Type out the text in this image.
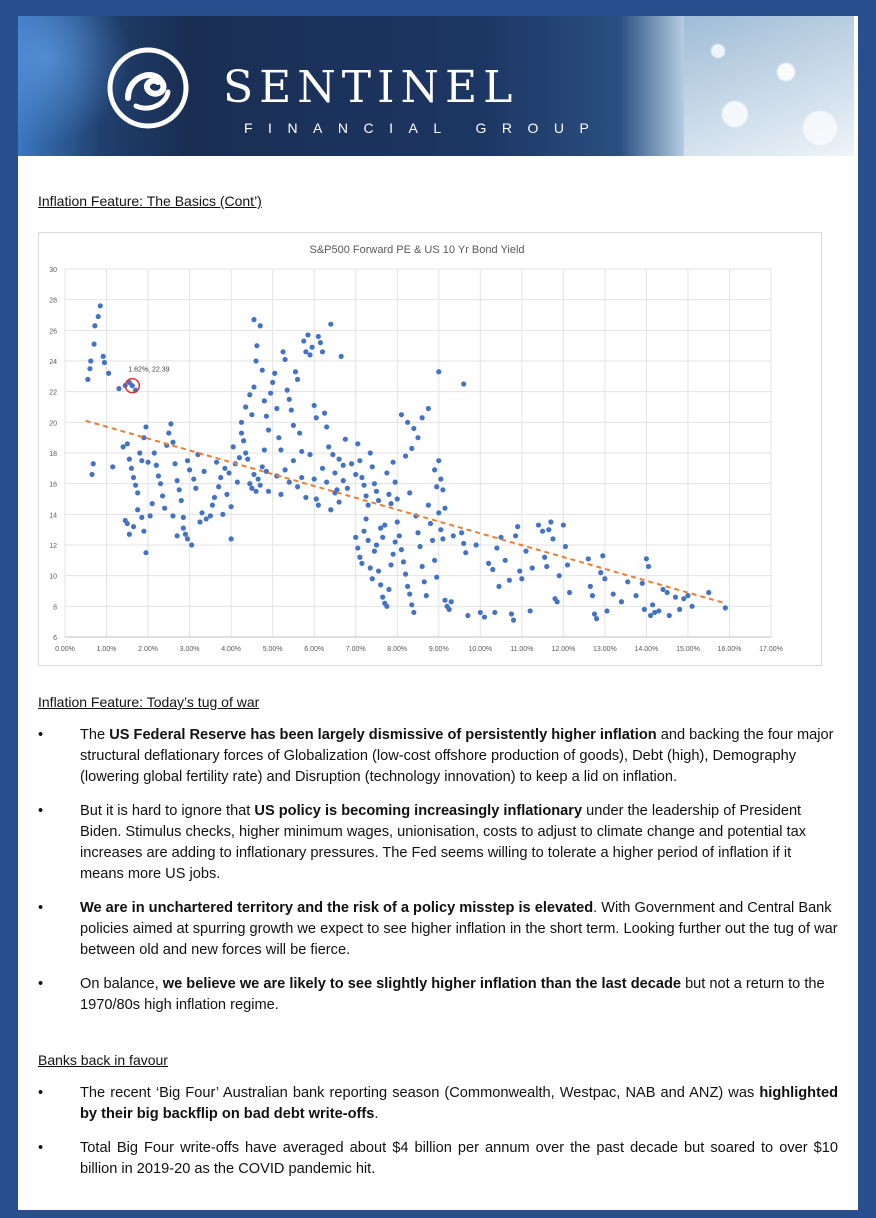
SENTINEL
FINANCIAL GROUP
Inflation Feature: The Basics (Cont’)
S&P500 Forward PE & US 10 Yr Bond Yield
6
8
10
12
14
16
18
20
22
24
26
28
30
0.00%	1.00%	2.00%	3.00%	4.00%	5.00%	6.00%	7.00%	8.00%	9.00%	10.00%	11.00%	12.00%	13.00%	14.00%	15.00%	16.00%	17.00%
1.62%, 22.39
Inflation Feature: Today’s tug of war

•	The US Federal Reserve has been largely dismissive of persistently higher inflation and backing the four major structural deflationary forces of Globalization (low-cost offshore production of goods), Debt (high), Demography (lowering global fertility rate) and Disruption (technology innovation) to keep a lid on inflation.

•	But it is hard to ignore that US policy is becoming increasingly inflationary under the leadership of President Biden. Stimulus checks, higher minimum wages, unionisation, costs to adjust to climate change and potential tax increases are adding to inflationary pressures. The Fed seems willing to tolerate a higher period of inflation if it means more US jobs.

•	We are in unchartered territory and the risk of a policy misstep is elevated. With Government and Central Bank policies aimed at spurring growth we expect to see higher inflation in the short term. Looking further out the tug of war between old and new forces will be fierce.

•	On balance, we believe we are likely to see slightly higher inflation than the last decade but not a return to the 1970/80s high inflation regime.

Banks back in favour

•	The recent ‘Big Four’ Australian bank reporting season (Commonwealth, Westpac, NAB and ANZ) was highlighted by their big backflip on bad debt write-offs.

•	Total Big Four write-offs have averaged about $4 billion per annum over the past decade but soared to over $10 billion in 2019-20 as the COVID pandemic hit.
